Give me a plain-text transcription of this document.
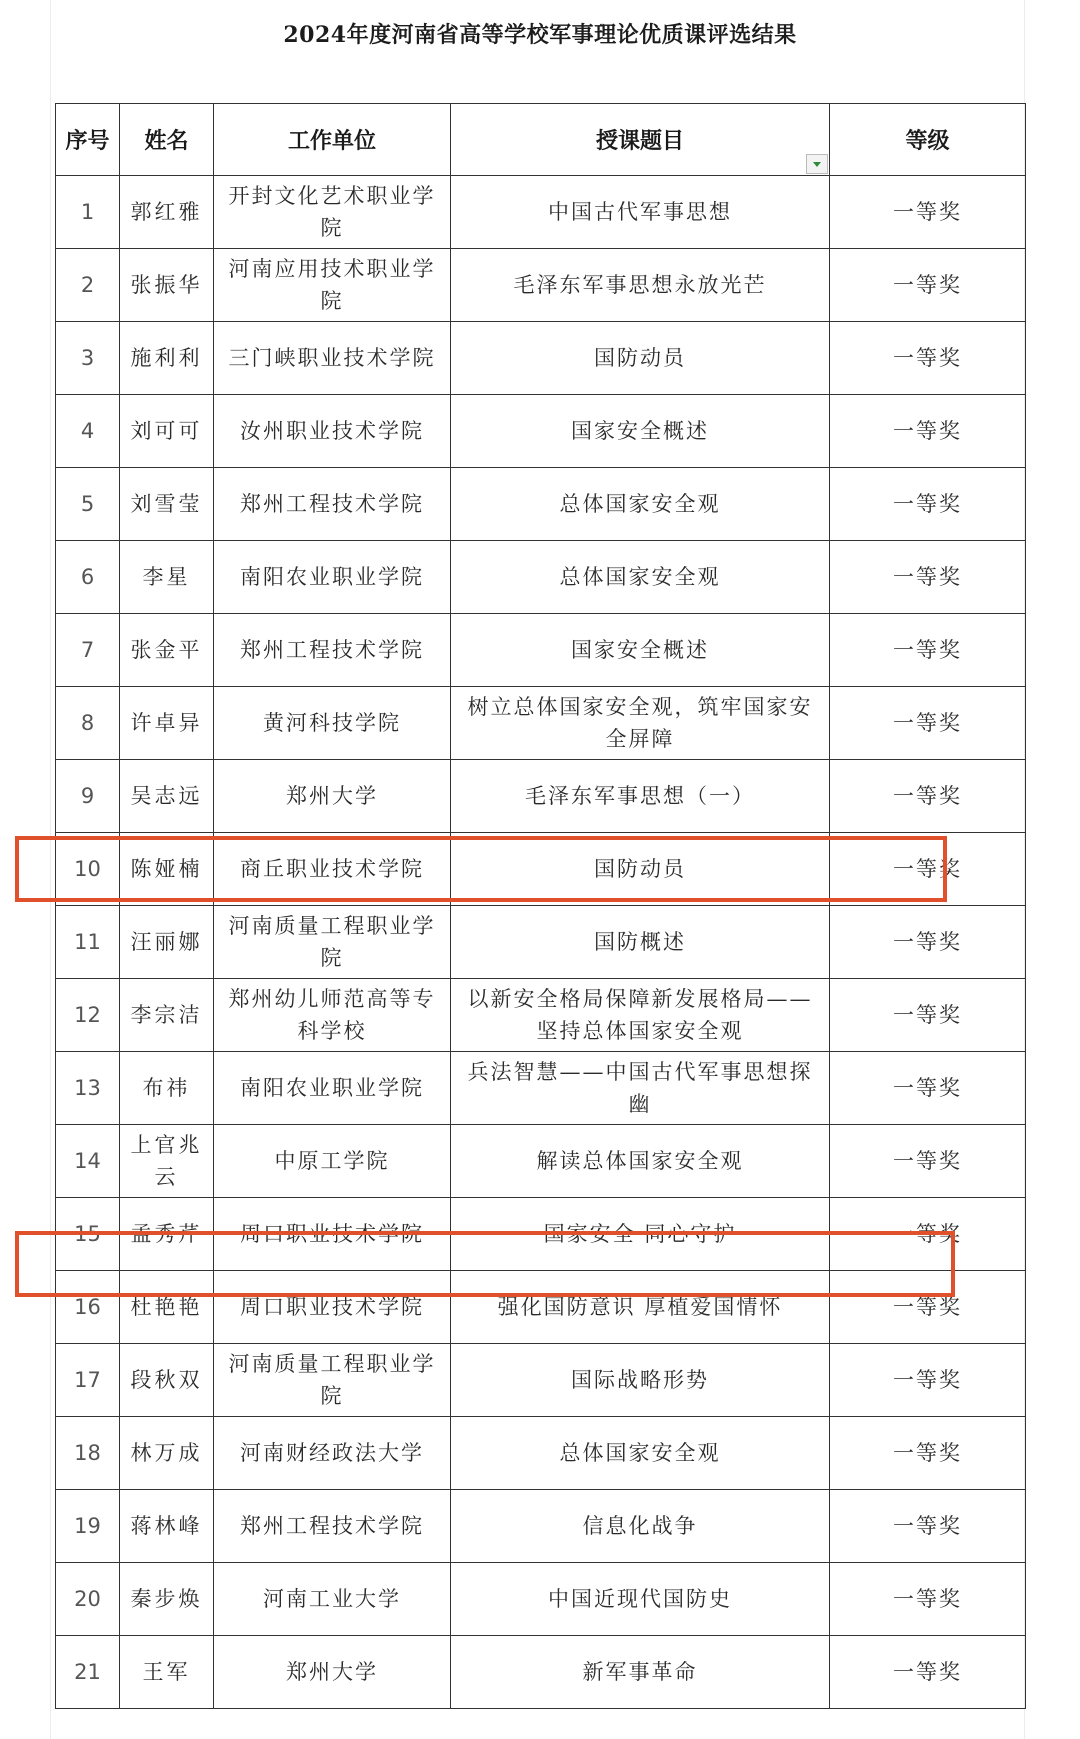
2024年度河南省高等学校军事理论优质课评选结果
序号	姓名	工作单位	授课题目	等级
1	郭红雅	开封文化艺术职业学院	中国古代军事思想	一等奖
2	张振华	河南应用技术职业学院	毛泽东军事思想永放光芒	一等奖
3	施利利	三门峡职业技术学院	国防动员	一等奖
4	刘可可	汝州职业技术学院	国家安全概述	一等奖
5	刘雪莹	郑州工程技术学院	总体国家安全观	一等奖
6	李星	南阳农业职业学院	总体国家安全观	一等奖
7	张金平	郑州工程技术学院	国家安全概述	一等奖
8	许卓异	黄河科技学院	树立总体国家安全观，筑牢国家安全屏障	一等奖
9	吴志远	郑州大学	毛泽东军事思想（一）	一等奖
10	陈娅楠	商丘职业技术学院	国防动员	一等奖
11	汪丽娜	河南质量工程职业学院	国防概述	一等奖
12	李宗洁	郑州幼儿师范高等专科学校	以新安全格局保障新发展格局——坚持总体国家安全观	一等奖
13	布祎	南阳农业职业学院	兵法智慧——中国古代军事思想探幽	一等奖
14	上官兆云	中原工学院	解读总体国家安全观	一等奖
15	孟秀芹	周口职业技术学院	国家安全 同心守护	一等奖
16	杜艳艳	周口职业技术学院	强化国防意识 厚植爱国情怀	一等奖
17	段秋双	河南质量工程职业学院	国际战略形势	一等奖
18	林万成	河南财经政法大学	总体国家安全观	一等奖
19	蒋林峰	郑州工程技术学院	信息化战争	一等奖
20	秦步焕	河南工业大学	中国近现代国防史	一等奖
21	王军	郑州大学	新军事革命	一等奖
